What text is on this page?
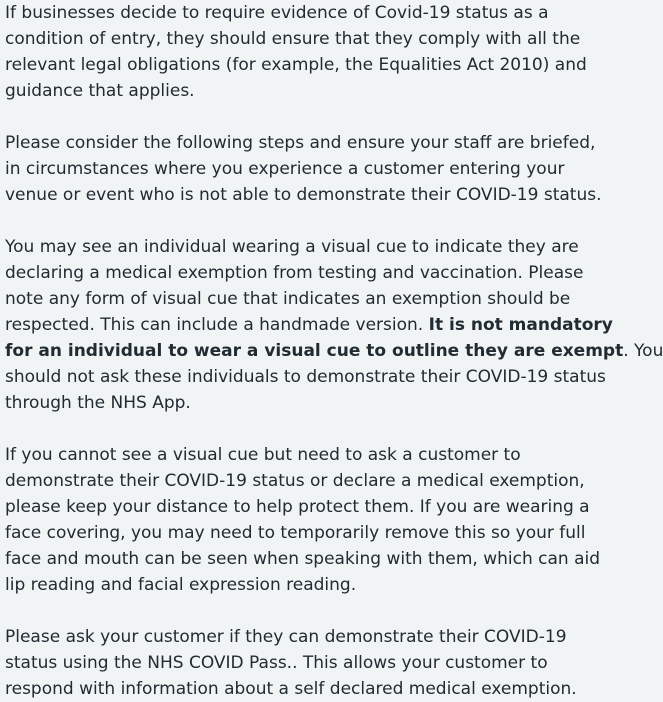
If businesses decide to require evidence of Covid-19 status as a
condition of entry, they should ensure that they comply with all the
relevant legal obligations (for example, the Equalities Act 2010) and
guidance that applies.

Please consider the following steps and ensure your staff are briefed,
in circumstances where you experience a customer entering your
venue or event who is not able to demonstrate their COVID-19 status.

You may see an individual wearing a visual cue to indicate they are
declaring a medical exemption from testing and vaccination. Please
note any form of visual cue that indicates an exemption should be
respected. This can include a handmade version. It is not mandatory
for an individual to wear a visual cue to outline they are exempt. You
should not ask these individuals to demonstrate their COVID-19 status
through the NHS App.

If you cannot see a visual cue but need to ask a customer to
demonstrate their COVID-19 status or declare a medical exemption,
please keep your distance to help protect them. If you are wearing a
face covering, you may need to temporarily remove this so your full
face and mouth can be seen when speaking with them, which can aid
lip reading and facial expression reading.

Please ask your customer if they can demonstrate their COVID-19
status using the NHS COVID Pass.. This allows your customer to
respond with information about a self declared medical exemption.
